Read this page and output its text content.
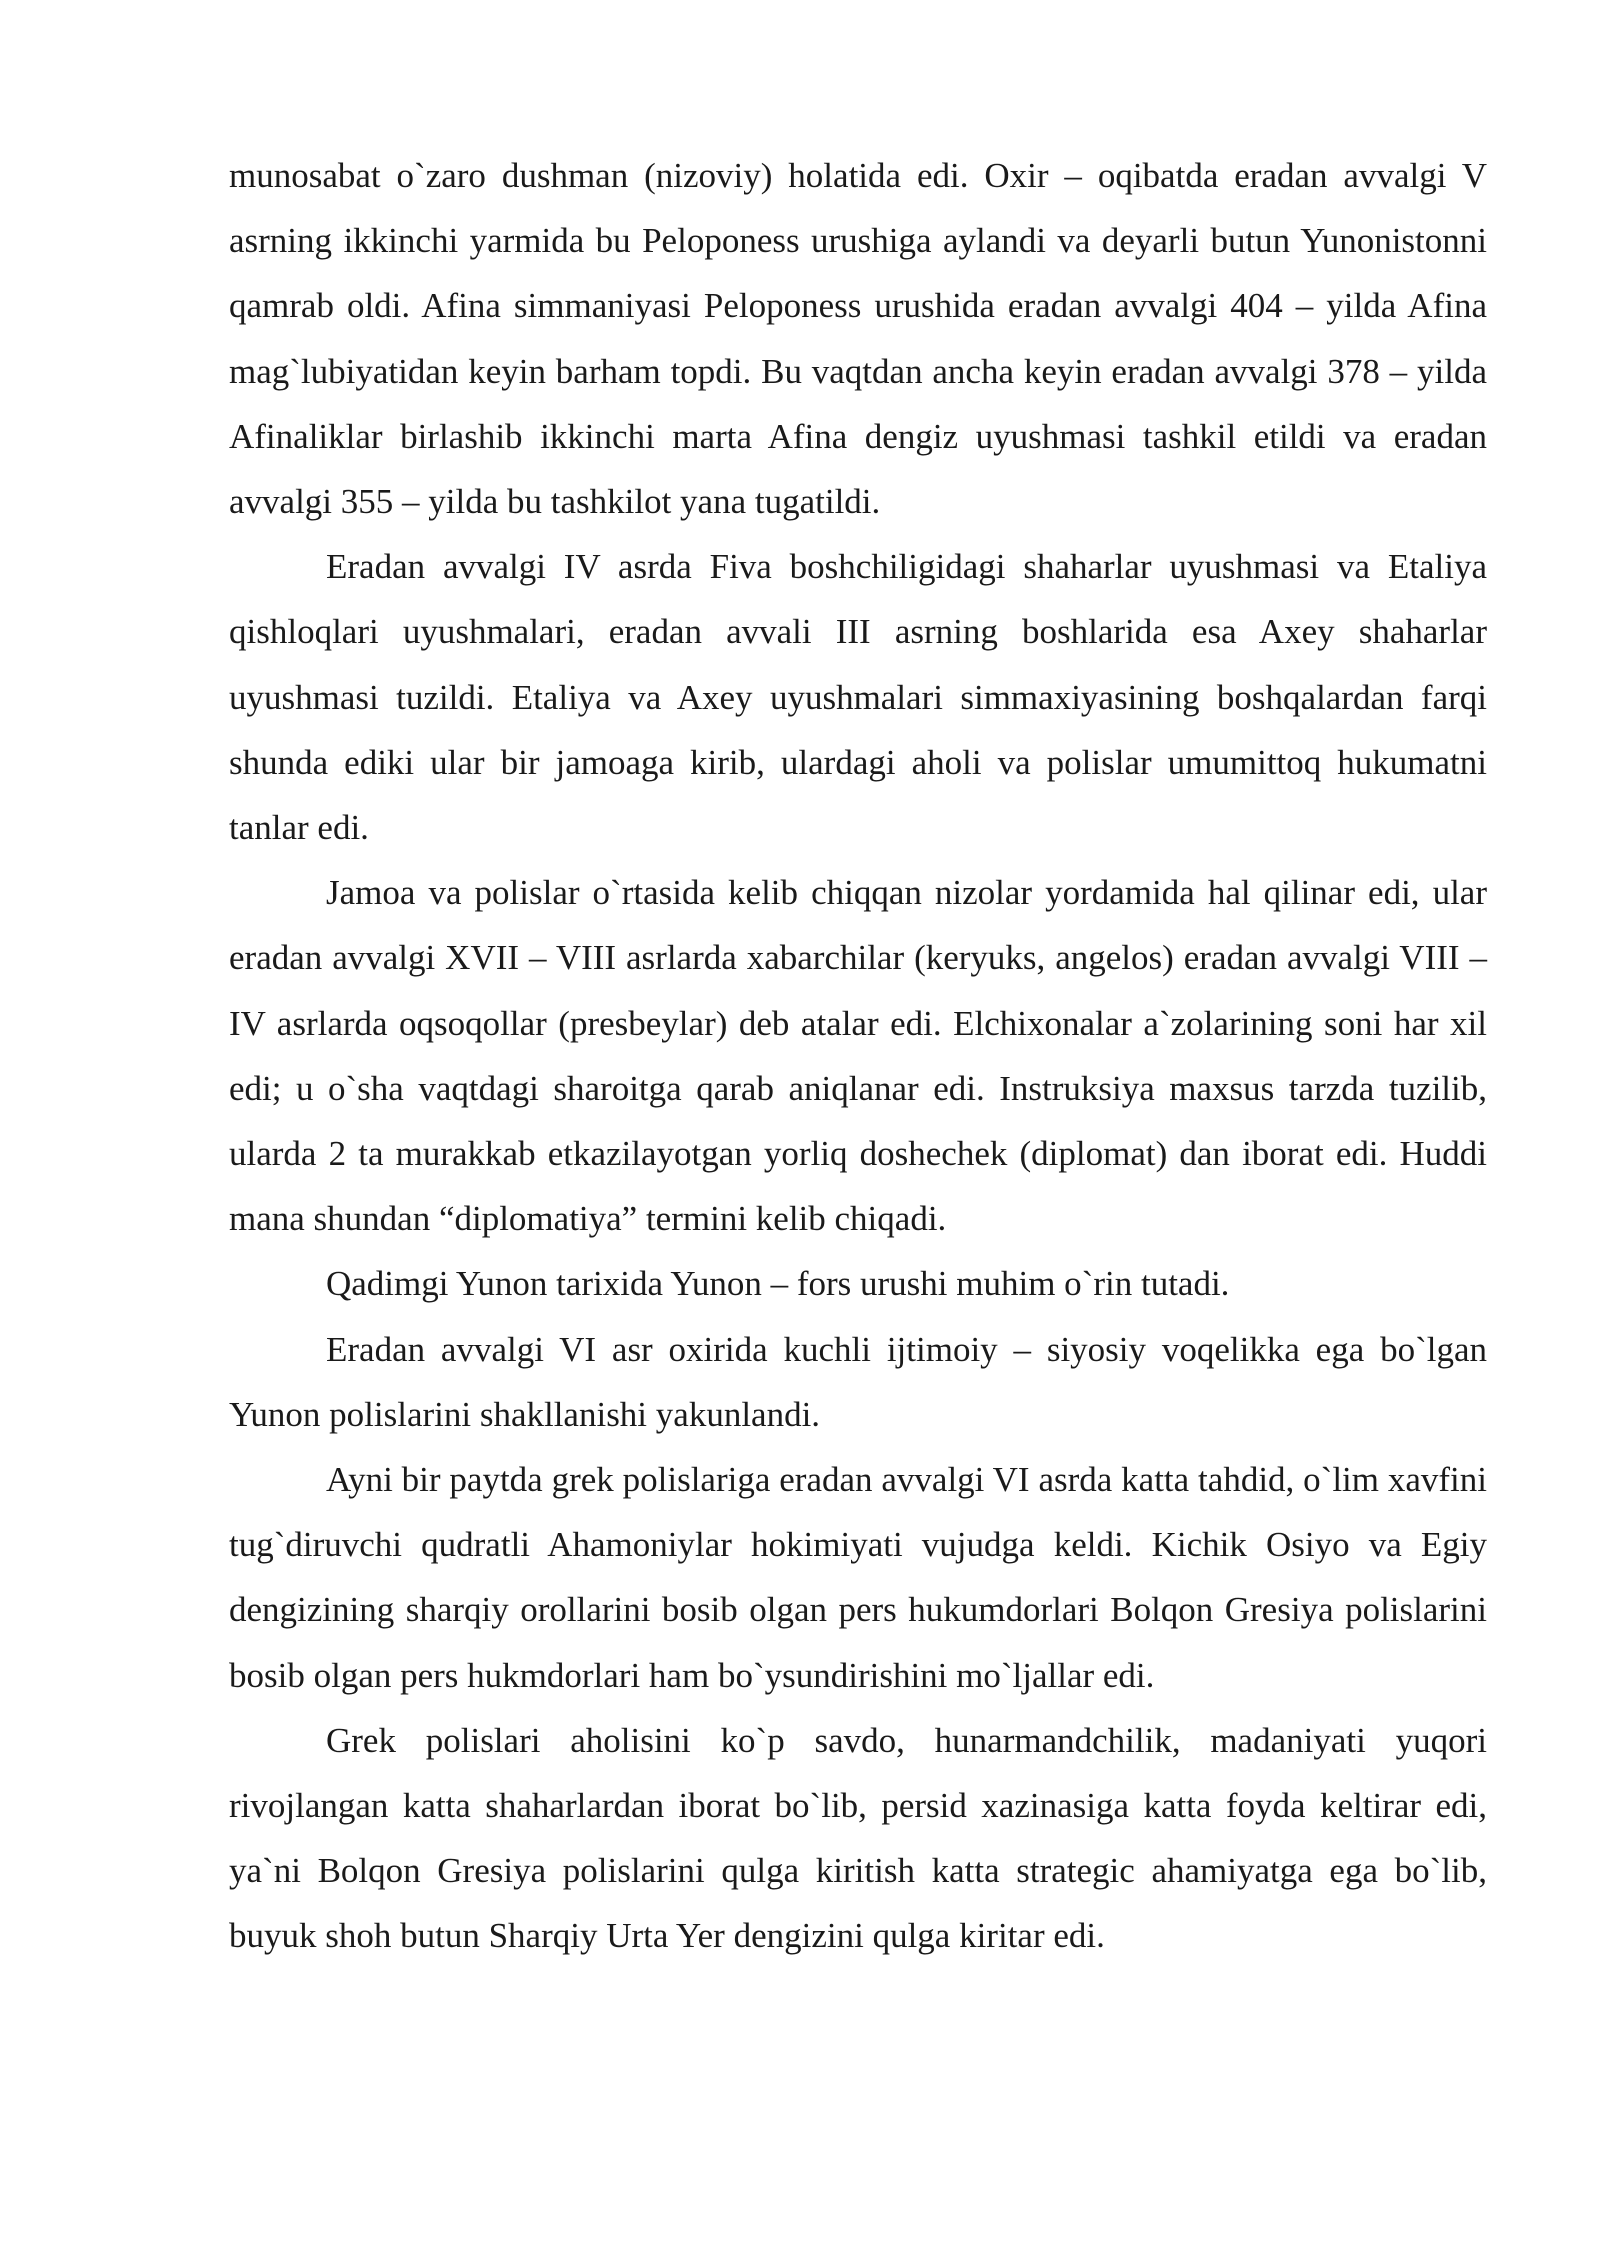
munosabat o`zaro dushman (nizoviy) holatida edi. Oxir – oqibatda eradan avvalgi V asrning ikkinchi yarmida bu Peloponess urushiga aylandi va deyarli butun Yunonistonni qamrab oldi. Afina simmaniyasi Peloponess urushida eradan avvalgi 404 – yilda Afina mag`lubiyatidan keyin barham topdi. Bu vaqtdan ancha keyin eradan avvalgi 378 – yilda Afinaliklar birlashib ikkinchi marta Afina dengiz uyushmasi tashkil etildi va eradan avvalgi 355 – yilda bu tashkilot yana tugatildi.

Eradan avvalgi IV asrda Fiva boshchiligidagi shaharlar uyushmasi va Etaliya qishloqlari uyushmalari, eradan avvali III asrning boshlarida esa Axey shaharlar uyushmasi tuzildi. Etaliya va Axey uyushmalari simmaxiyasining boshqalardan farqi shunda ediki ular bir jamoaga kirib, ulardagi aholi va polislar umumittoq hukumatni tanlar edi.

Jamoa va polislar o`rtasida kelib chiqqan nizolar yordamida hal qilinar edi, ular eradan avvalgi XVII – VIII asrlarda xabarchilar (keryuks, angelos) eradan avvalgi VIII – IV asrlarda oqsoqollar (presbeylar) deb atalar edi. Elchixonalar a`zolarining soni har xil edi; u o`sha vaqtdagi sharoitga qarab aniqlanar edi. Instruksiya maxsus tarzda tuzilib, ularda 2 ta murakkab etkazilayotgan yorliq doshechek (diplomat) dan iborat edi. Huddi mana shundan “diplomatiya” termini kelib chiqadi.

Qadimgi Yunon tarixida Yunon – fors urushi muhim o`rin tutadi.

Eradan avvalgi VI asr oxirida kuchli ijtimoiy – siyosiy voqelikka ega bo`lgan Yunon polislarini shakllanishi yakunlandi.

Ayni bir paytda grek polislariga eradan avvalgi VI asrda katta tahdid, o`lim xavfini tug`diruvchi qudratli Ahamoniylar hokimiyati vujudga keldi. Kichik Osiyo va Egiy dengizining sharqiy orollarini bosib olgan pers hukumdorlari Bolqon Gresiya polislarini bosib olgan pers hukmdorlari ham bo`ysundirishini mo`ljallar edi.

Grek polislari aholisini ko`p savdo, hunarmandchilik, madaniyati yuqori rivojlangan katta shaharlardan iborat bo`lib, persid xazinasiga katta foyda keltirar edi, ya`ni Bolqon Gresiya polislarini qulga kiritish katta strategic ahamiyatga ega bo`lib, buyuk shoh butun Sharqiy Urta Yer dengizini qulga kiritar edi.
